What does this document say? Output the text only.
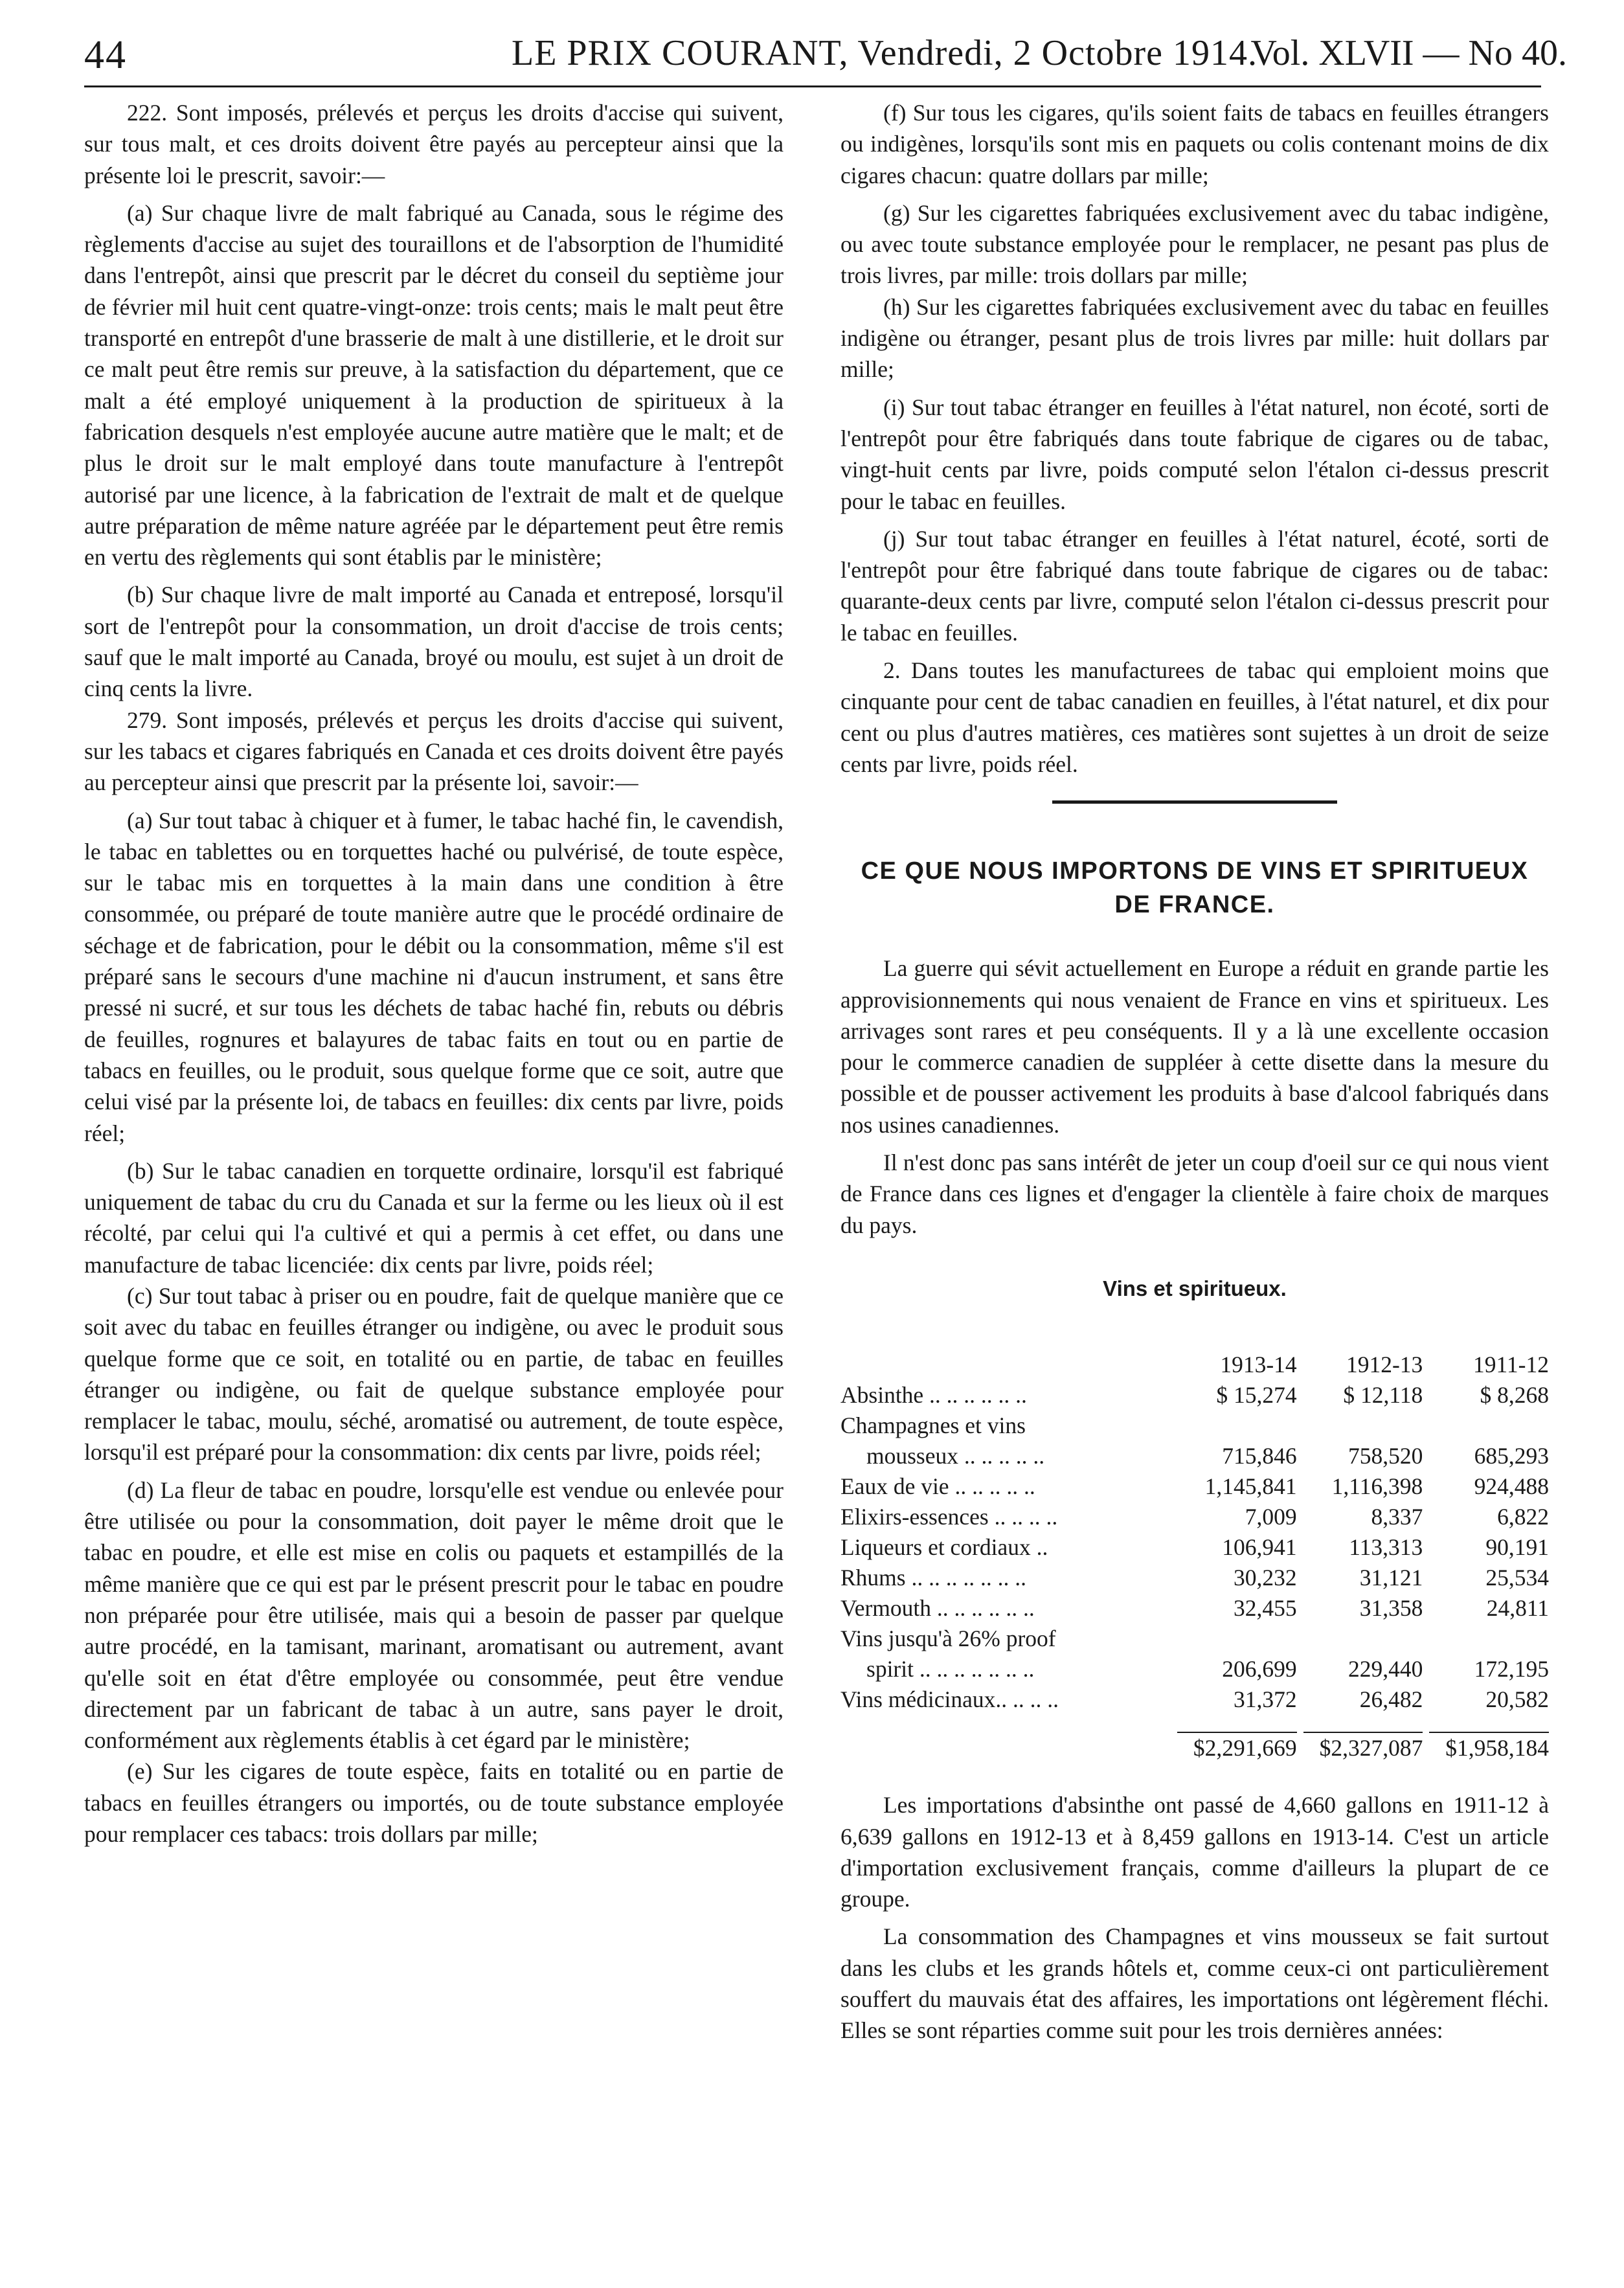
44	LE PRIX COURANT, Vendredi, 2 Octobre 1914.
Vol. XLVII — No 40.

222. Sont imposés, prélevés et perçus les droits d'accise qui suivent, sur tous malt, et ces droits doivent être payés au percepteur ainsi que la présente loi le prescrit, savoir:—

(a) Sur chaque livre de malt fabriqué au Canada, sous le régime des règlements d'accise au sujet des touraillons et de l'absorption de l'humidité dans l'entrepôt, ainsi que prescrit par le décret du conseil du septième jour de février mil huit cent quatre-vingt-onze: trois cents; mais le malt peut être transporté en entrepôt d'une brasserie de malt à une distillerie, et le droit sur ce malt peut être remis sur preuve, à la satisfaction du département, que ce malt a été employé uniquement à la production de spiritueux à la fabrication desquels n'est employée aucune autre matière que le malt; et de plus le droit sur le malt employé dans toute manufacture à l'entrepôt autorisé par une licence, à la fabrication de l'extrait de malt et de quelque autre préparation de même nature agréée par le département peut être remis en vertu des règlements qui sont établis par le ministère;

(b) Sur chaque livre de malt importé au Canada et entreposé, lorsqu'il sort de l'entrepôt pour la consommation, un droit d'accise de trois cents; sauf que le malt importé au Canada, broyé ou moulu, est sujet à un droit de cinq cents la livre.

279. Sont imposés, prélevés et perçus les droits d'accise qui suivent, sur les tabacs et cigares fabriqués en Canada et ces droits doivent être payés au percepteur ainsi que prescrit par la présente loi, savoir:—

(a) Sur tout tabac à chiquer et à fumer, le tabac haché fin, le cavendish, le tabac en tablettes ou en torquettes haché ou pulvérisé, de toute espèce, sur le tabac mis en torquettes à la main dans une condition à être consommée, ou préparé de toute manière autre que le procédé ordinaire de séchage et de fabrication, pour le débit ou la consommation, même s'il est préparé sans le secours d'une machine ni d'aucun instrument, et sans être pressé ni sucré, et sur tous les déchets de tabac haché fin, rebuts ou débris de feuilles, rognures et balayures de tabac faits en tout ou en partie de tabacs en feuilles, ou le produit, sous quelque forme que ce soit, autre que celui visé par la présente loi, de tabacs en feuilles: dix cents par livre, poids réel;

(b) Sur le tabac canadien en torquette ordinaire, lorsqu'il est fabriqué uniquement de tabac du cru du Canada et sur la ferme ou les lieux où il est récolté, par celui qui l'a cultivé et qui a permis à cet effet, ou dans une manufacture de tabac licenciée: dix cents par livre, poids réel;

(c) Sur tout tabac à priser ou en poudre, fait de quelque manière que ce soit avec du tabac en feuilles étranger ou indigène, ou avec le produit sous quelque forme que ce soit, en totalité ou en partie, de tabac en feuilles étranger ou indigène, ou fait de quelque substance employée pour remplacer le tabac, moulu, séché, aromatisé ou autrement, de toute espèce, lorsqu'il est préparé pour la consommation: dix cents par livre, poids réel;

(d) La fleur de tabac en poudre, lorsqu'elle est vendue ou enlevée pour être utilisée ou pour la consommation, doit payer le même droit que le tabac en poudre, et elle est mise en colis ou paquets et estampillés de la même manière que ce qui est par le présent prescrit pour le tabac en poudre non préparée pour être utilisée, mais qui a besoin de passer par quelque autre procédé, en la tamisant, marinant, aromatisant ou autrement, avant qu'elle soit en état d'être employée ou consommée, peut être vendue directement par un fabricant de tabac à un autre, sans payer le droit, conformément aux règlements établis à cet égard par le ministère;

(e) Sur les cigares de toute espèce, faits en totalité ou en partie de tabacs en feuilles étrangers ou importés, ou de toute substance employée pour remplacer ces tabacs: trois dollars par mille;

(f) Sur tous les cigares, qu'ils soient faits de tabacs en feuilles étrangers ou indigènes, lorsqu'ils sont mis en paquets ou colis contenant moins de dix cigares chacun: quatre dollars par mille;

(g) Sur les cigarettes fabriquées exclusivement avec du tabac indigène, ou avec toute substance employée pour le remplacer, ne pesant pas plus de trois livres, par mille: trois dollars par mille;

(h) Sur les cigarettes fabriquées exclusivement avec du tabac en feuilles indigène ou étranger, pesant plus de trois livres par mille: huit dollars par mille;

(i) Sur tout tabac étranger en feuilles à l'état naturel, non écoté, sorti de l'entrepôt pour être fabriqués dans toute fabrique de cigares ou de tabac, vingt-huit cents par livre, poids computé selon l'étalon ci-dessus prescrit pour le tabac en feuilles.

(j) Sur tout tabac étranger en feuilles à l'état naturel, écoté, sorti de l'entrepôt pour être fabriqué dans toute fabrique de cigares ou de tabac: quarante-deux cents par livre, computé selon l'étalon ci-dessus prescrit pour le tabac en feuilles.

2. Dans toutes les manufacturees de tabac qui emploient moins que cinquante pour cent de tabac canadien en feuilles, à l'état naturel, et dix pour cent ou plus d'autres matières, ces matières sont sujettes à un droit de seize cents par livre, poids réel.

CE QUE NOUS IMPORTONS DE VINS ET SPIRITUEUX DE FRANCE.

La guerre qui sévit actuellement en Europe a réduit en grande partie les approvisionnements qui nous venaient de France en vins et spiritueux. Les arrivages sont rares et peu conséquents. Il y a là une excellente occasion pour le commerce canadien de suppléer à cette disette dans la mesure du possible et de pousser activement les produits à base d'alcool fabriqués dans nos usines canadiennes.

Il n'est donc pas sans intérêt de jeter un coup d'oeil sur ce qui nous vient de France dans ces lignes et d'engager la clientèle à faire choix de marques du pays.

Vins et spiritueux.
	1913-14	1912-13	1911-12
Absinthe .. .. .. .. .. ..	$ 15,274	$ 12,118	$ 8,268
Champagnes et vins			
mousseux .. .. .. .. ..	715,846	758,520	685,293
Eaux de vie .. .. .. .. ..	1,145,841	1,116,398	924,488
Elixirs-essences .. .. .. ..	7,009	8,337	6,822
Liqueurs et cordiaux ..	106,941	113,313	90,191
Rhums .. .. .. .. .. .. ..	30,232	31,121	25,534
Vermouth .. .. .. .. .. ..	32,455	31,358	24,811
Vins jusqu'à 26% proof			
spirit .. .. .. .. .. .. ..	206,699	229,440	172,195
Vins médicinaux.. .. .. ..	31,372	26,482	20,582

	$2,291,669	$2,327,087	$1,958,184

Les importations d'absinthe ont passé de 4,660 gallons en 1911-12 à 6,639 gallons en 1912-13 et à 8,459 gallons en 1913-14. C'est un article d'importation exclusivement français, comme d'ailleurs la plupart de ce groupe.

La consommation des Champagnes et vins mousseux se fait surtout dans les clubs et les grands hôtels et, comme ceux-ci ont particulièrement souffert du mauvais état des affaires, les importations ont légèrement fléchi. Elles se sont réparties comme suit pour les trois dernières années:
